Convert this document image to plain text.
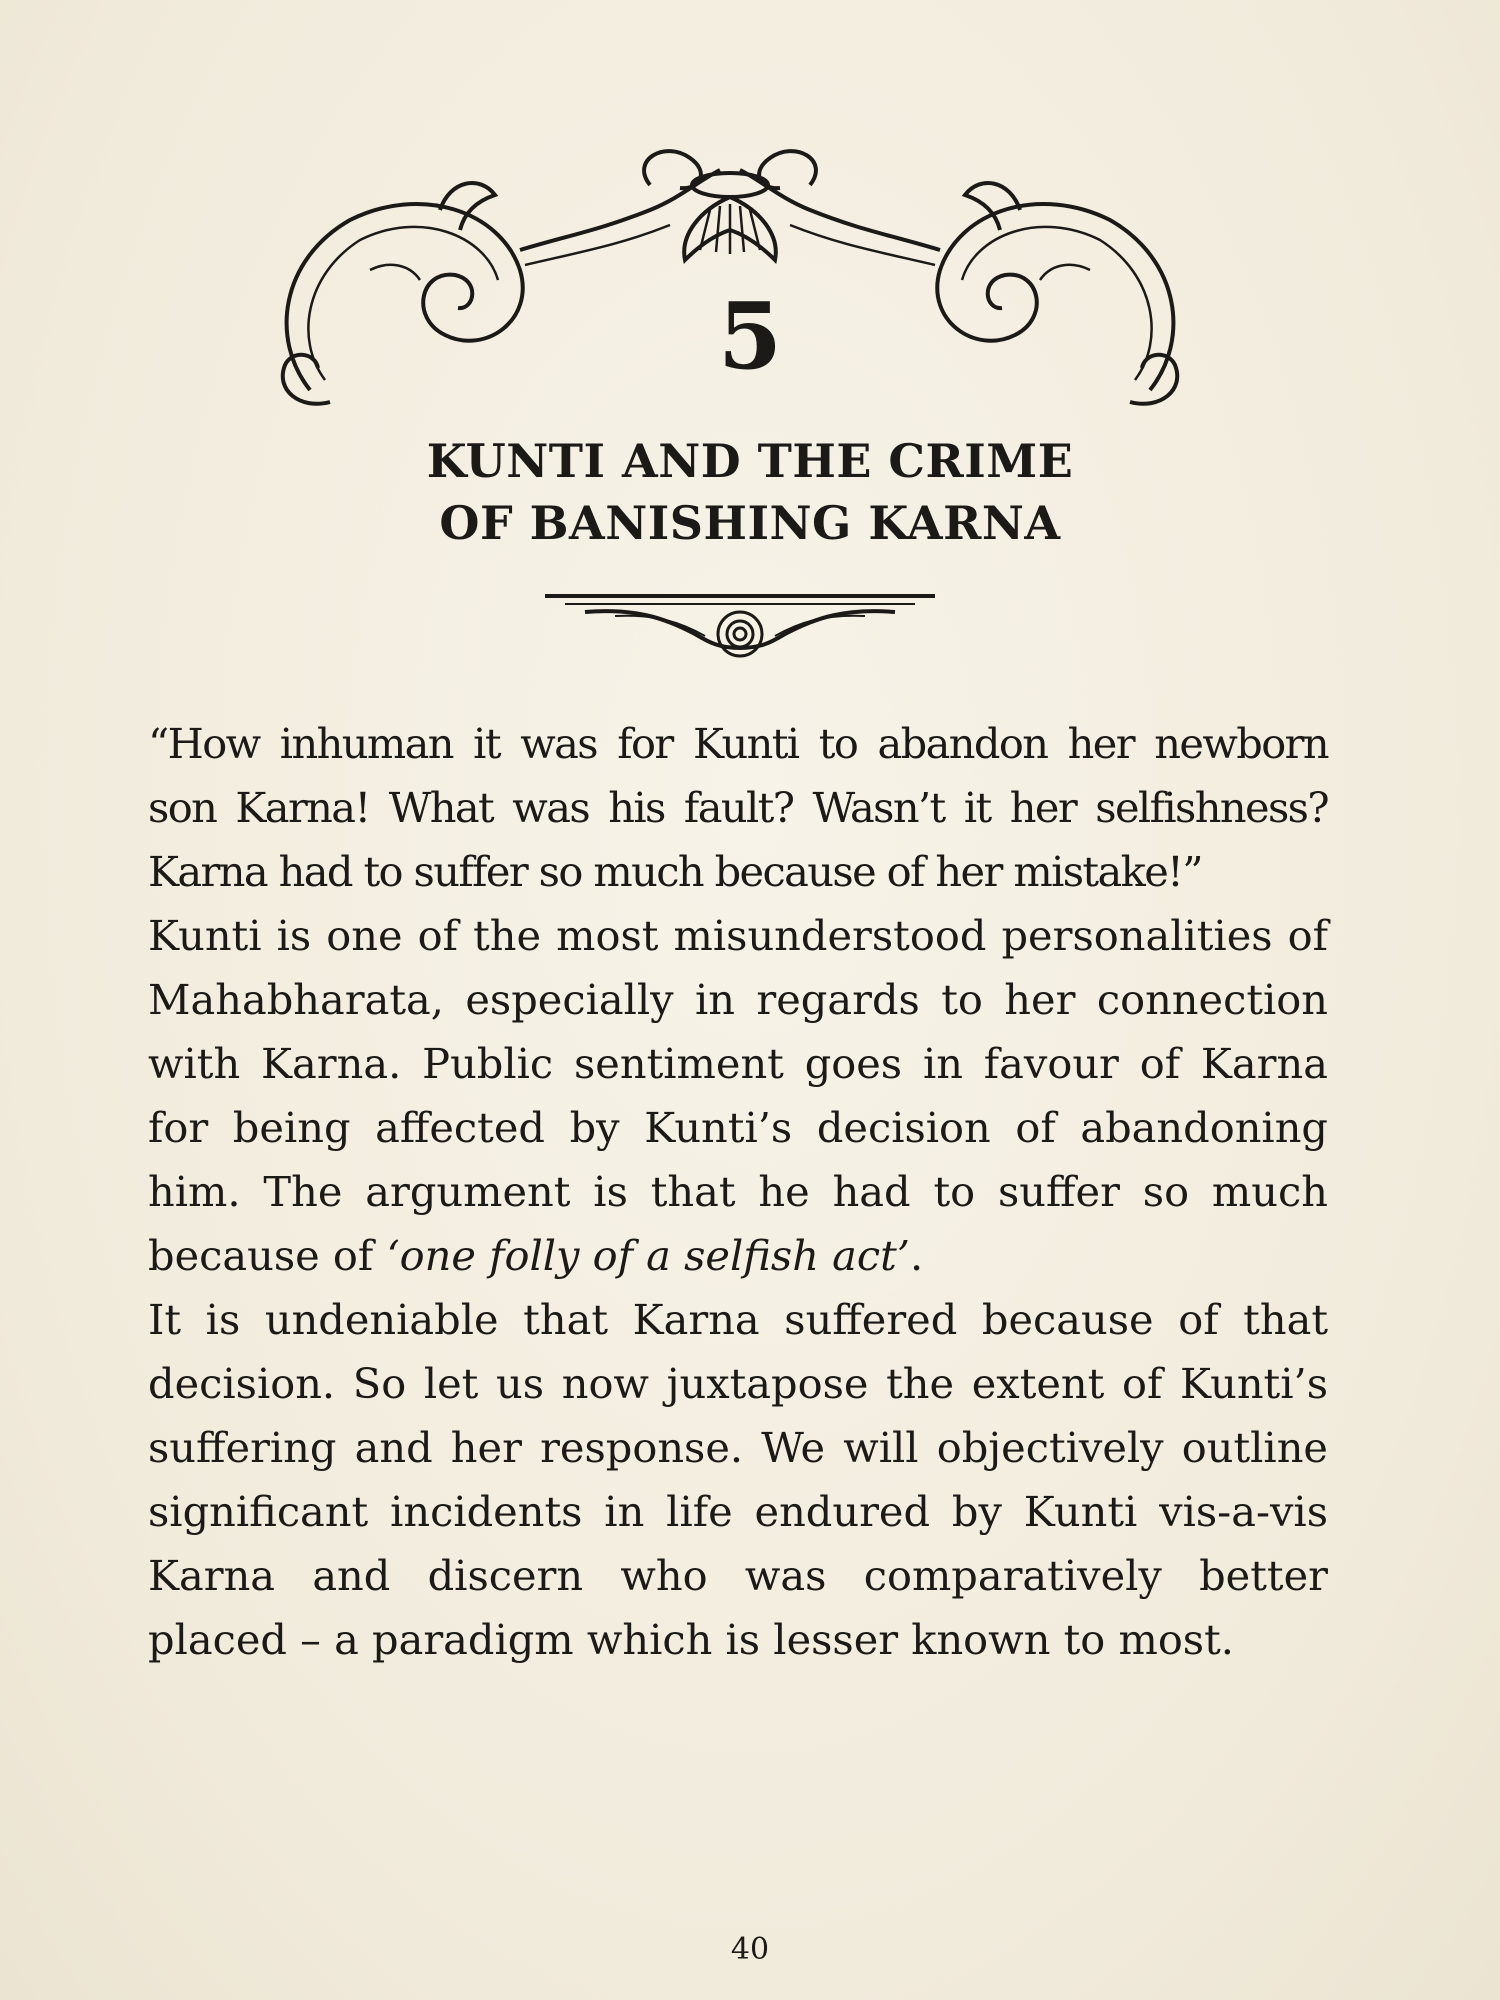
5
KUNTI AND THE CRIME
OF BANISHING KARNA

“How inhuman it was for Kunti to abandon her newborn son Karna! What was his fault? Wasn’t it her selfishness? Karna had to suffer so much because of her mistake!”

Kunti is one of the most misunderstood personalities of Mahabharata, especially in regards to her connection with Karna. Public sentiment goes in favour of Karna for being affected by Kunti’s decision of abandoning him. The argument is that he had to suffer so much because of ‘one folly of a selfish act’.

It is undeniable that Karna suffered because of that decision. So let us now juxtapose the extent of Kunti’s suffering and her response. We will objectively outline significant incidents in life endured by Kunti vis-a-vis Karna and discern who was comparatively better placed – a paradigm which is lesser known to most.

40
